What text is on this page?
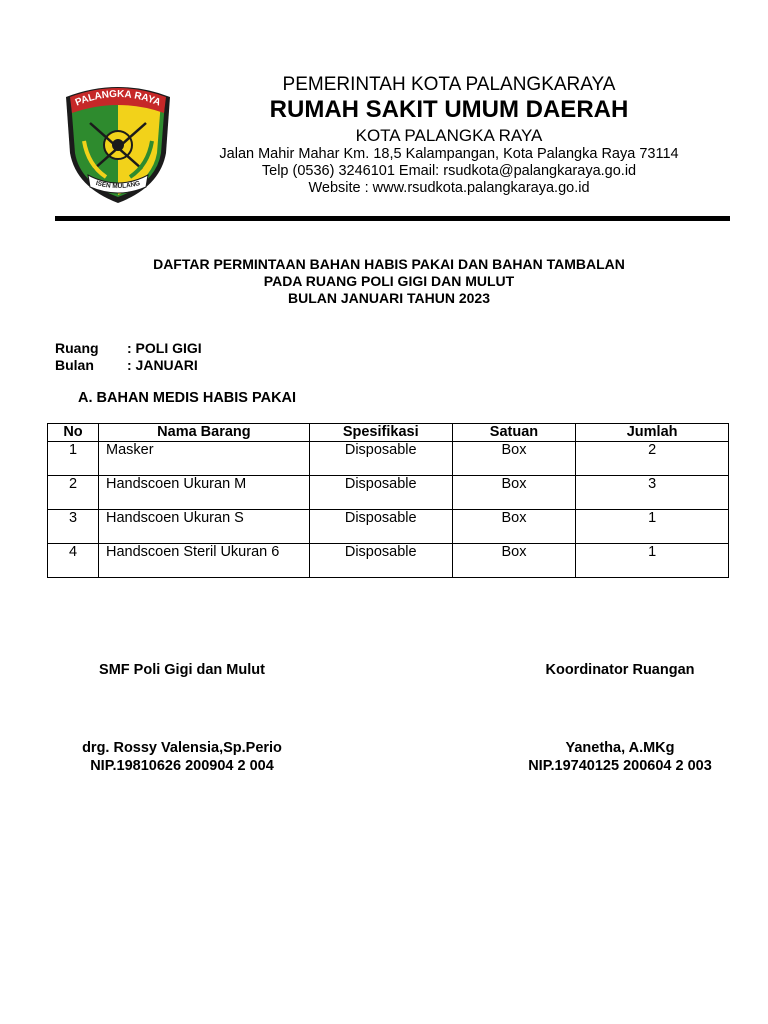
PALANGKA RAYA
ISEN MULANG
PEMERINTAH KOTA PALANGKARAYA
RUMAH SAKIT UMUM DAERAH
KOTA PALANGKA RAYA
Jalan Mahir Mahar Km. 18,5 Kalampangan, Kota Palangka Raya 73114
Telp (0536) 3246101 Email: rsudkota@palangkaraya.go.id
Website : www.rsudkota.palangkaraya.go.id
DAFTAR PERMINTAAN BAHAN HABIS PAKAI DAN BAHAN TAMBALAN
PADA RUANG POLI GIGI DAN MULUT
BULAN JANUARI TAHUN 2023
Ruang : POLI GIGI
Bulan : JANUARI
A. BAHAN MEDIS HABIS PAKAI
No	Nama Barang	Spesifikasi	Satuan	Jumlah
1	Masker	Disposable	Box	2
2	Handscoen Ukuran M	Disposable	Box	3
3	Handscoen Ukuran S	Disposable	Box	1
4	Handscoen Steril Ukuran 6	Disposable	Box	1
SMF Poli Gigi dan Mulut	Koordinator Ruangan
drg. Rossy Valensia,Sp.Perio	Yanetha, A.MKg
NIP.19810626 200904 2 004	NIP.19740125 200604 2 003
